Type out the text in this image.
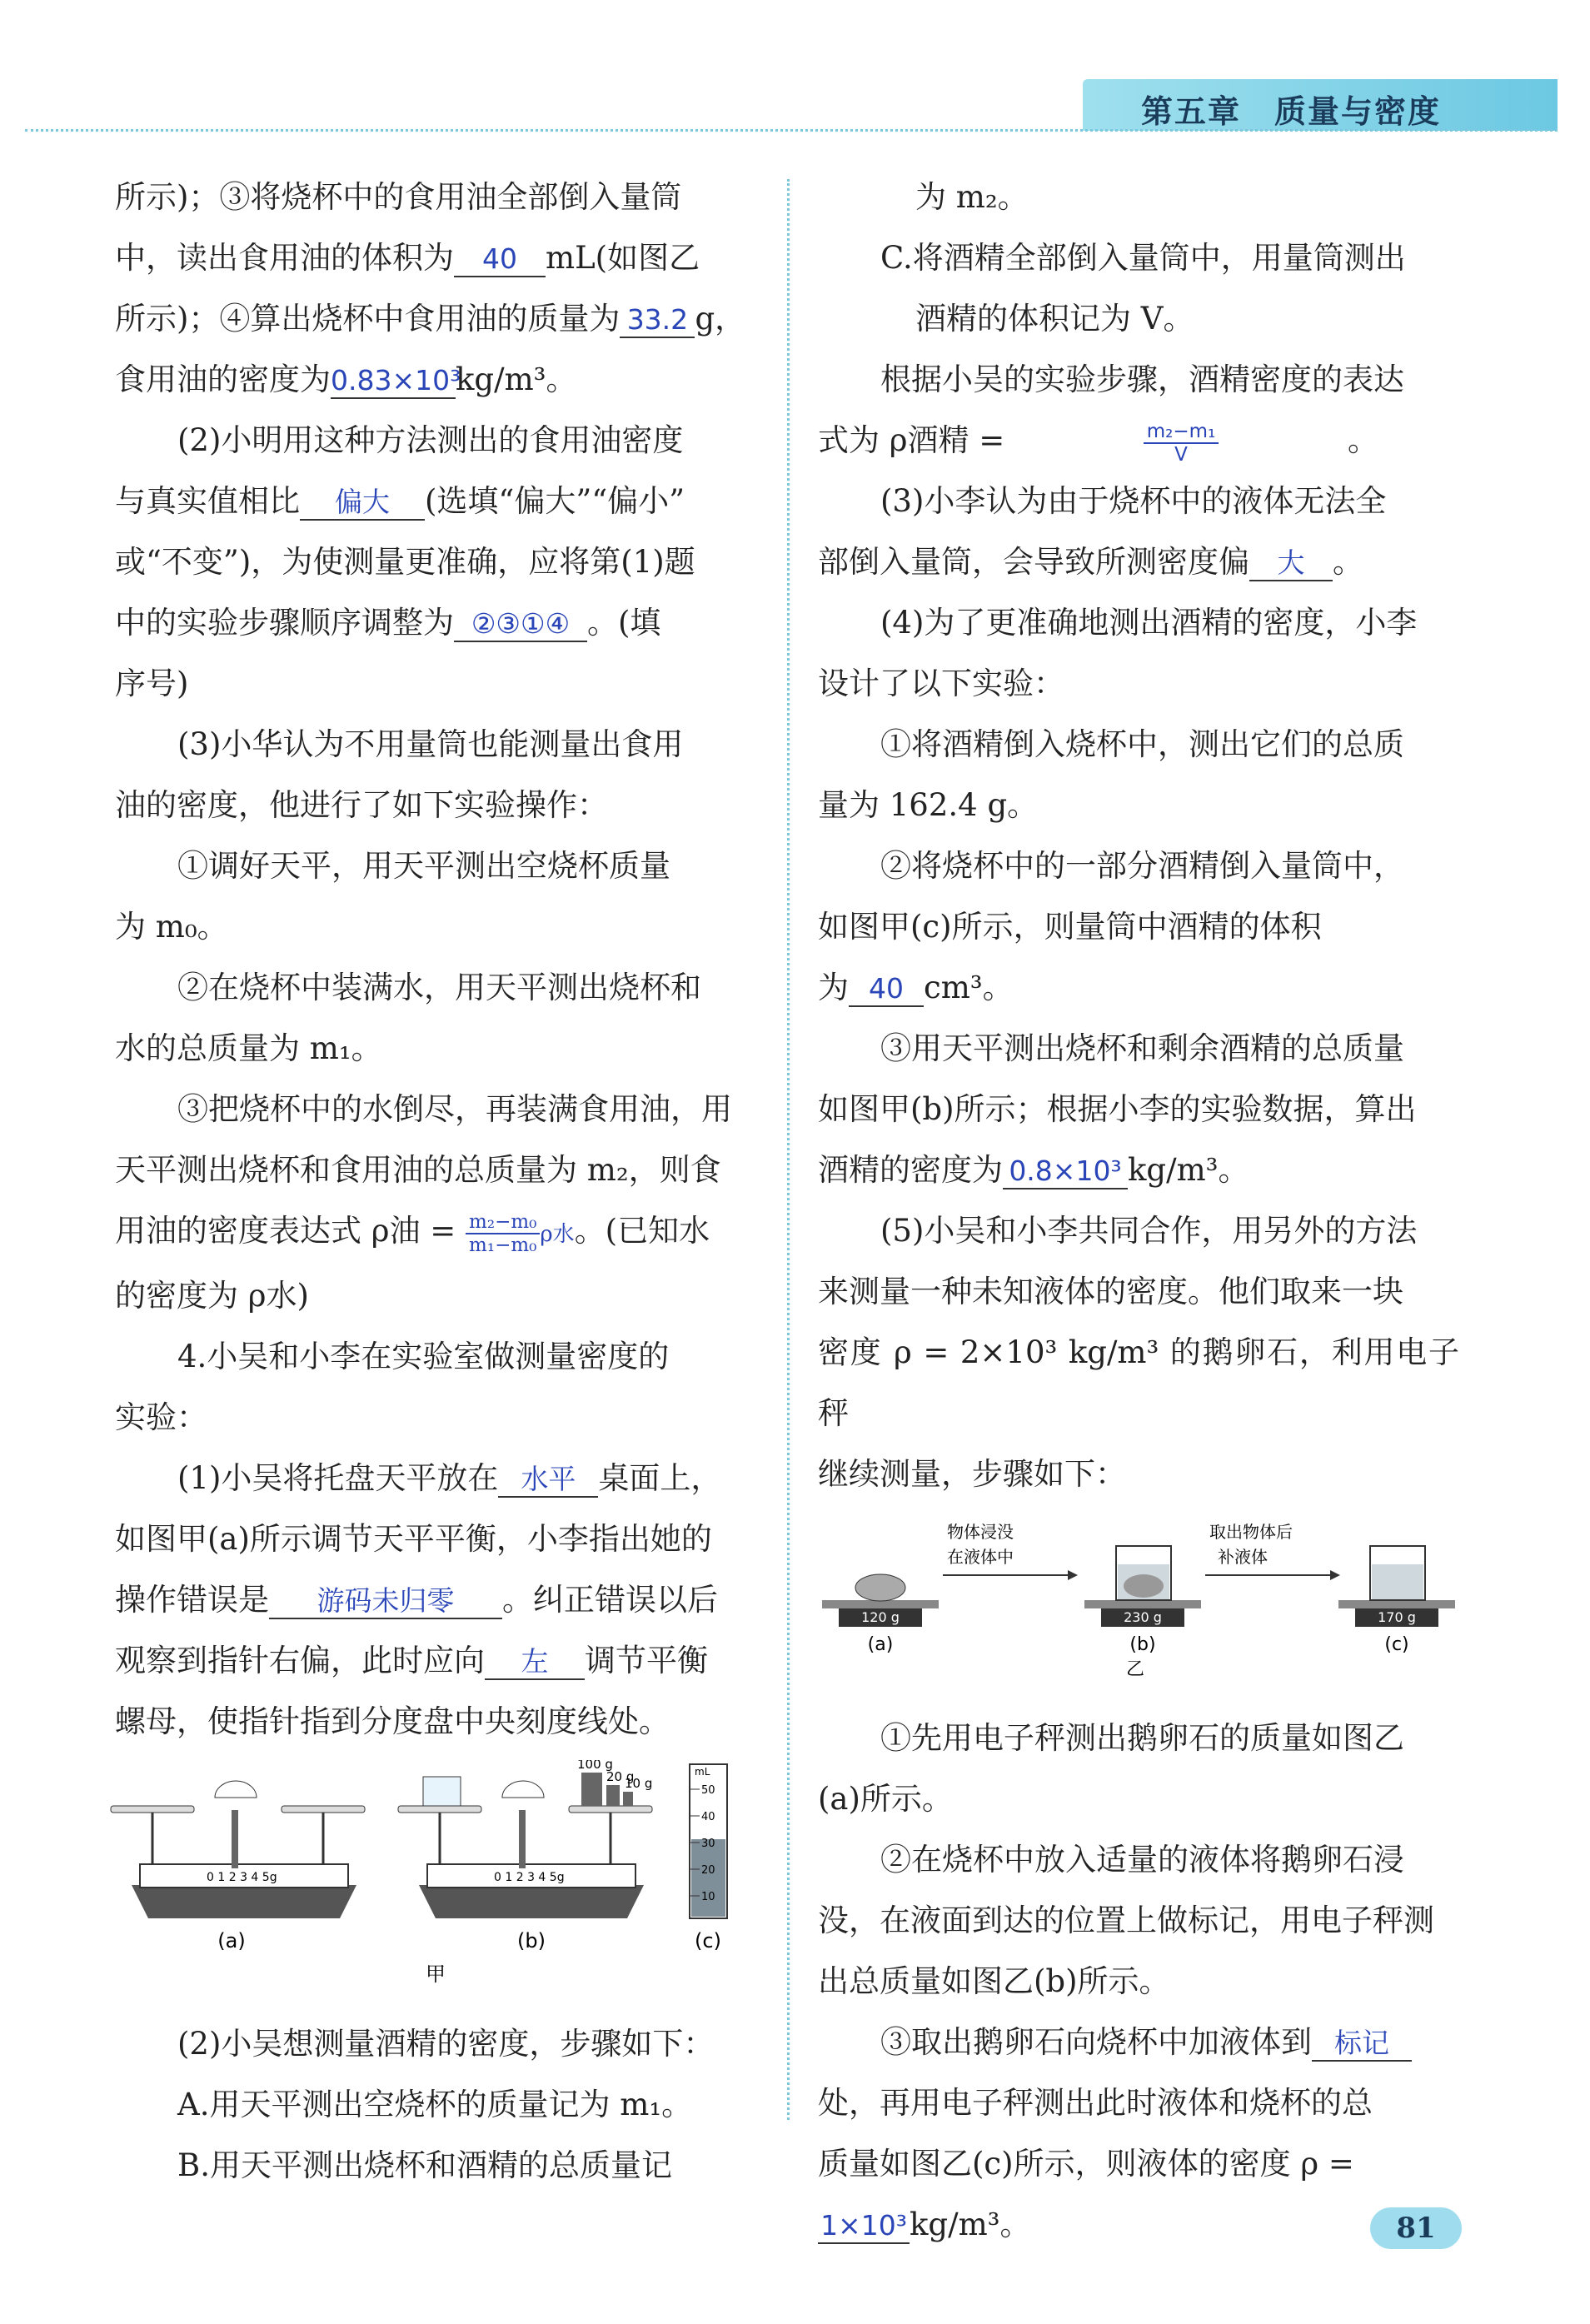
第五章　质量与密度

所示)；③将烧杯中的食用油全部倒入量筒

中，读出食用油的体积为 40 mL(如图乙

所示)；④算出烧杯中食用油的质量为 33.2 g，

食用油的密度为0.83×10³kg/m³。

(2)小明用这种方法测出的食用油密度

与真实值相比 偏大 (选填“偏大”“偏小”

或“不变”)，为使测量更准确，应将第(1)题

中的实验步骤顺序调整为 ②③①④ 。(填

序号)

(3)小华认为不用量筒也能测量出食用

油的密度，他进行了如下实验操作：

①调好天平，用天平测出空烧杯质量

为 m₀。

②在烧杯中装满水，用天平测出烧杯和

水的总质量为 m₁。

③把烧杯中的水倒尽，再装满食用油，用

天平测出烧杯和食用油的总质量为 m₂，则食

用油的密度表达式 ρ油 = $\frac{\text{m₂−m₀}}{\text{m₁−m₀}}$ ρ水。(已知水

的密度为 ρ水)

4.小吴和小李在实验室做测量密度的

实验：

(1)小吴将托盘天平放在 水平 桌面上，

如图甲(a)所示调节天平平衡，小李指出她的

操作错误是 游码未归零 。纠正错误以后

观察到指针右偏，此时应向 左 调节平衡

螺母，使指针指到分度盘中央刻度线处。

0 1 2 3 4 5g
(a)
0 1 2 3 4 5g
100 g
20 g
10 g
(b)
mL
50
40
30
20
10
(c)
甲

(2)小吴想测量酒精的密度，步骤如下：

A.用天平测出空烧杯的质量记为 m₁。

B.用天平测出烧杯和酒精的总质量记

为 m₂。

C.将酒精全部倒入量筒中，用量筒测出

酒精的体积记为 V。

根据小吴的实验步骤，酒精密度的表达

式为 ρ酒精 =	$\frac{\text{m₂−m₁}}{V}$	。

(3)小李认为由于烧杯中的液体无法全

部倒入量筒，会导致所测密度偏 大 。

(4)为了更准确地测出酒精的密度，小李

设计了以下实验：

①将酒精倒入烧杯中，测出它们的总质

量为 162.4 g。

②将烧杯中的一部分酒精倒入量筒中，

如图甲(c)所示，则量筒中酒精的体积

为 40 cm³。

③用天平测出烧杯和剩余酒精的总质量

如图甲(b)所示；根据小李的实验数据，算出

酒精的密度为 0.8×10³ kg/m³。

(5)小吴和小李共同合作，用另外的方法

来测量一种未知液体的密度。他们取来一块

密度 ρ = 2×10³ kg/m³ 的鹅卵石，利用电子秤

继续测量，步骤如下：

120 g
(a)
物体浸没
在液体中
230 g
(b)
取出物体后
补液体
170 g
(c)
乙

①先用电子秤测出鹅卵石的质量如图乙

(a)所示。

②在烧杯中放入适量的液体将鹅卵石浸

没，在液面到达的位置上做标记，用电子秤测

出总质量如图乙(b)所示。

③取出鹅卵石向烧杯中加液体到 标记

处，再用电子秤测出此时液体和烧杯的总

质量如图乙(c)所示，则液体的密度 ρ =

1×10³kg/m³。	81
